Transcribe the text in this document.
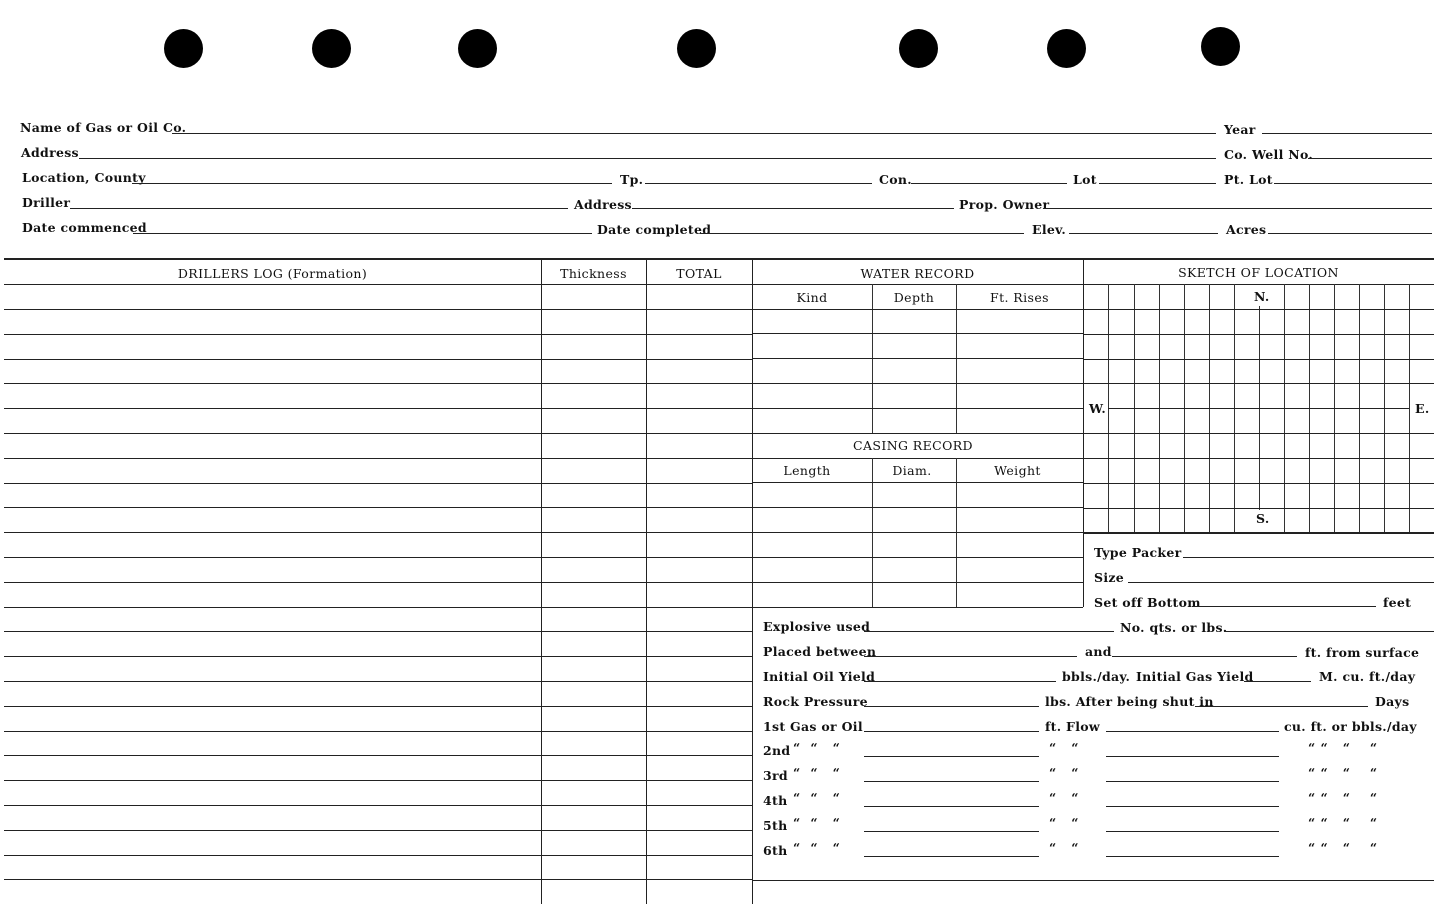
Name of Gas or Oil Co.	Year
Address	Co. Well No.
Location, County	Tp.	Con.	Lot	Pt. Lot
Driller	Address	Prop. Owner
Date commenced	Date completed	Elev.	Acres
DRILLERS LOG (Formation)	Thickness	TOTAL	WATER RECORD	SKETCH OF LOCATION
Kind	Depth	Ft. Rises
CASING RECORD
Length	Diam.	Weight
N.
S.
W.	E.
Type Packer
Size
Set off Bottom	feet
Explosive used	No. qts. or lbs.
Placed between	and	ft. from surface
Initial Oil Yield	bbls./day. Initial Gas Yield	M. cu. ft./day
Rock Pressure	lbs. After being shut in	Days
1st Gas or Oil	ft. Flow	cu. ft. or bbls./day
2nd “  “   “	“   “	“ “   “    “
3rd “  “   “	“   “	“ “   “    “
4th “  “   “	“   “	“ “   “    “
5th “  “   “	“   “	“ “   “    “
6th “  “   “	“   “	“ “   “    “
